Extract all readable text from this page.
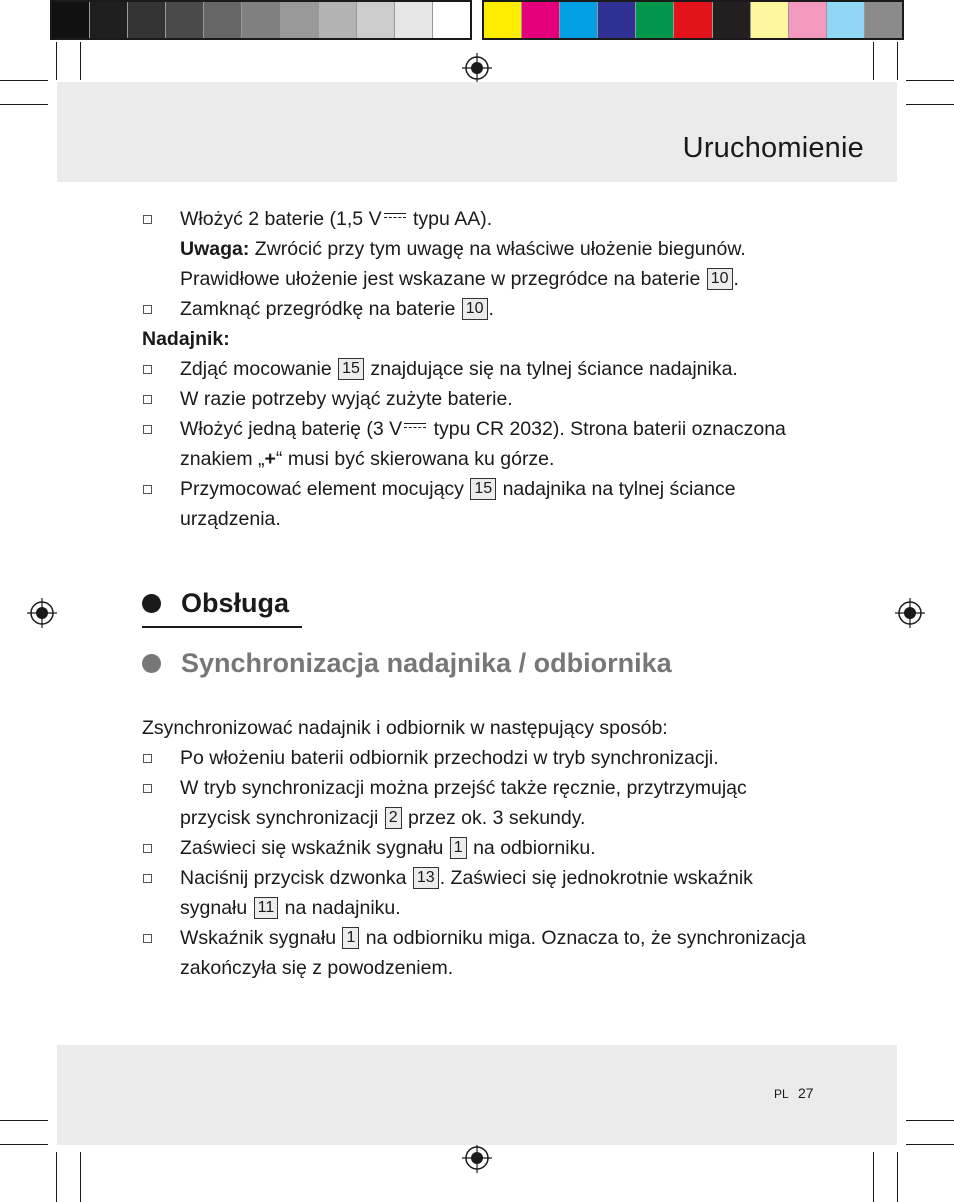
Uruchomienie
Włożyć 2 baterie (1,5 V
typu AA).
Uwaga: Zwrócić przy tym uwagę na właściwe ułożenie biegunów. Prawidłowe ułożenie jest wskazane w przegródce na baterie 10 .
Zamknąć przegródkę na baterie 10 .
Nadajnik:
Zdjąć mocowanie 15 znajdujące się na tylnej ściance nadajnika.
W razie potrzeby wyjąć zużyte baterie.
Włożyć jedną baterię (3 V
typu CR 2032). Strona baterii oznaczona znakiem „+“ musi być skierowana ku górze.
Przymocować element mocujący 15 nadajnika na tylnej ściance urządzenia.
Obsługa
Synchronizacja nadajnika / odbiornika
Zsynchronizować nadajnik i odbiornik w następujący sposób:
Po włożeniu baterii odbiornik przechodzi w tryb synchronizacji.
W tryb synchronizacji można przejść także ręcznie, przytrzymując przycisk synchronizacji 2 przez ok. 3 sekundy.
Zaświeci się wskaźnik sygnału 1 na odbiorniku.
Naciśnij przycisk dzwonka 13 . Zaświeci się jednokrotnie wskaźnik sygnału 11 na nadajniku.
Wskaźnik sygnału 1 na odbiorniku miga. Oznacza to, że synchronizacja zakończyła się z powodzeniem.
PL 27
